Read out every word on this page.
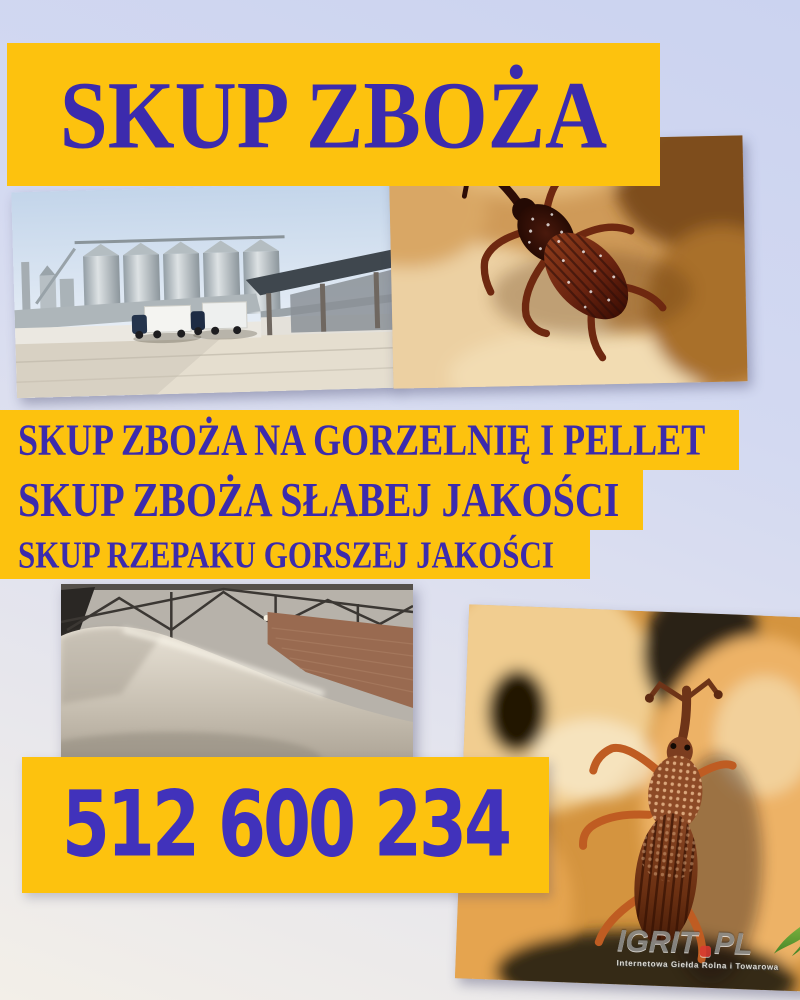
SKUP ZBOŻA
SKUP ZBOŻA NA GORZELNIĘ I PELLET
SKUP ZBOŻA SŁABEJ JAKOŚCI
SKUP RZEPAKU GORSZEJ JAKOŚCI
512 600 234
IGRIT PL
Internetowa Giełda Rolna i Towarowa
